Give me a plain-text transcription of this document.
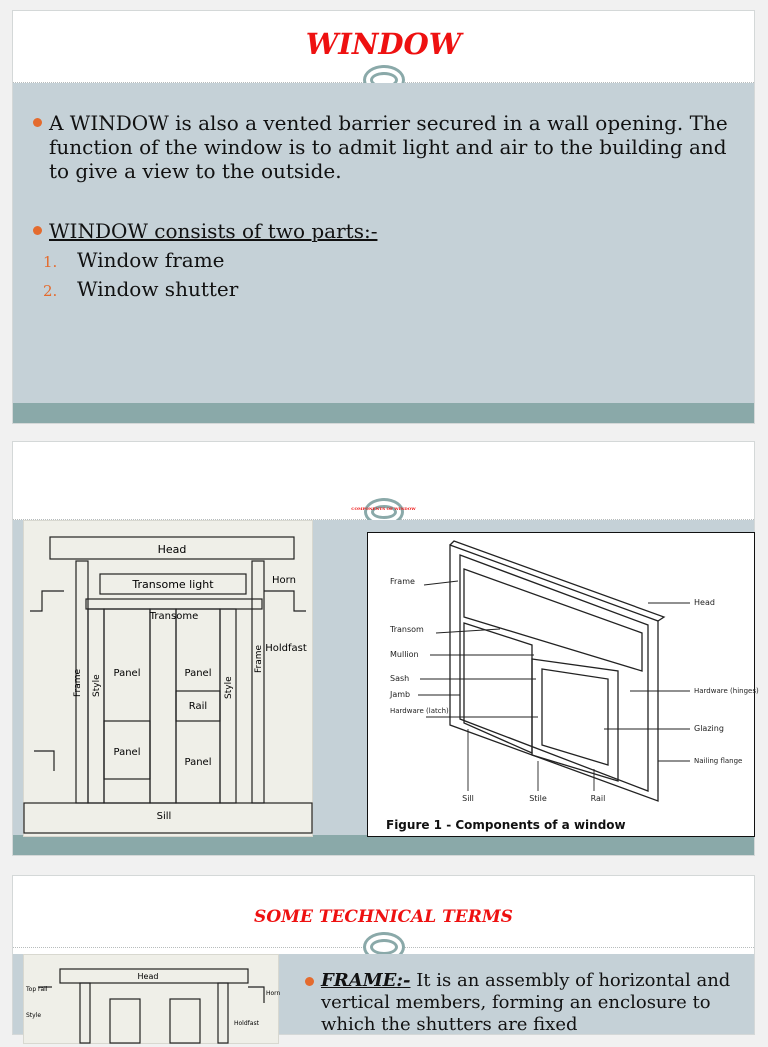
WINDOW
A WINDOW is also a vented barrier secured in a wall opening. The function of the window is to admit light and air to the building and to give a view to the outside.
WINDOW consists of two parts:-
1. Window frame
2. Window shutter
COMPONENTS OF WINDOW
Head
Transome light	Horn
Transome
Holdfast
Frame Style
Panel	Panel
Style
Frame
Rail
Panel
Panel
Sill
Frame
Transom
Mullion
Sash
Jamb
Hardware (latch)
Head
Hardware (hinges)
Glazing
Nailing flange
Sill	Stile	Rail
Figure 1 - Components of a window
SOME TECHNICAL TERMS
Head
Top rail
Horn
Style
Holdfast
FRAME:- It is an assembly of horizontal and vertical members, forming an enclosure to which the shutters are fixed
